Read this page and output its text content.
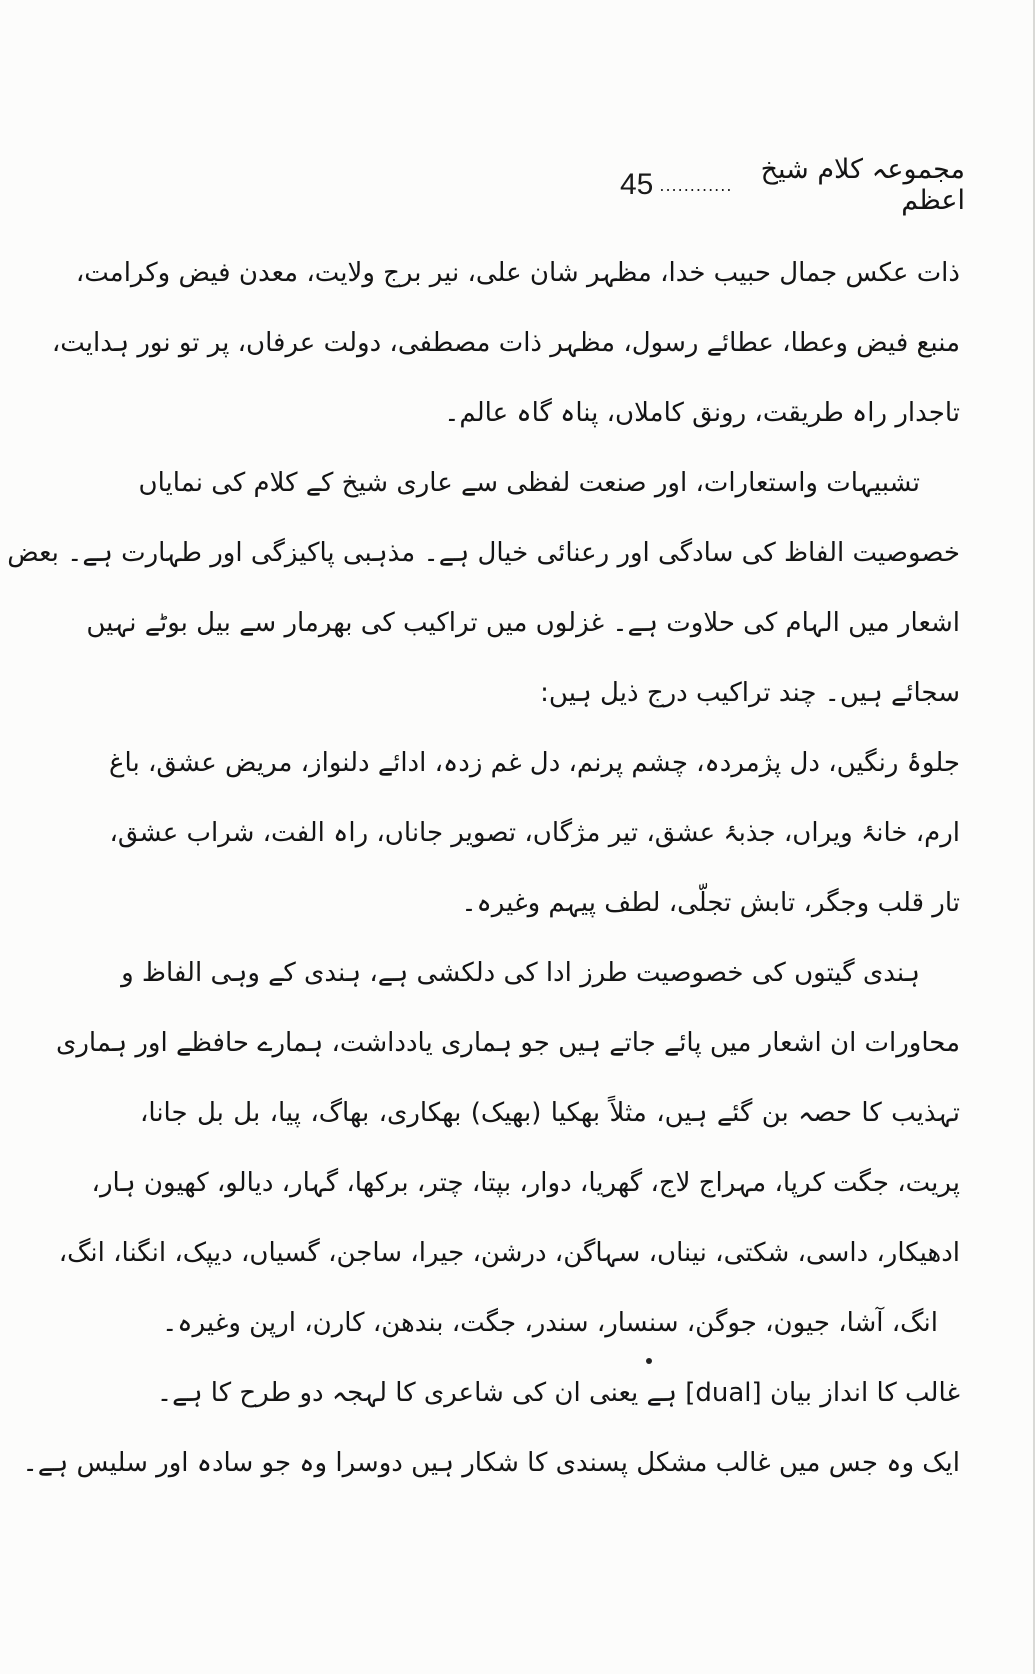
45 ............	مجموعہ کلام شیخ اعظم
ذات عکس جمال حبیب خدا، مظہر شان علی، نیر برج ولایت، معدن فیض وکرامت،
منبع فیض وعطا، عطائے رسول، مظہر ذات مصطفی، دولت عرفاں، پر تو نور ہدایت،
تاجدار راہ طریقت، رونق کاملاں، پناہ گاہ عالم۔
تشبیہات واستعارات، اور صنعت لفظی سے عاری شیخ کے کلام کی نمایاں
خصوصیت الفاظ کی سادگی اور رعنائی خیال ہے۔ مذہبی پاکیزگی اور طہارت ہے۔ بعض
اشعار میں الہام کی حلاوت ہے۔ غزلوں میں تراکیب کی بھرمار سے بیل بوٹے نہیں
سجائے ہیں۔ چند تراکیب درج ذیل ہیں:
جلوۂ رنگیں، دل پژمردہ، چشم پرنم، دل غم زدہ، ادائے دلنواز، مریض عشق، باغ
ارم، خانۂ ویراں، جذبۂ عشق، تیر مژگاں، تصویر جاناں، راہ الفت، شراب عشق،
تار قلب وجگر، تابش تجلّی، لطف پیہم وغیرہ۔
ہندی گیتوں کی خصوصیت طرز ادا کی دلکشی ہے، ہندی کے وہی الفاظ و
محاورات ان اشعار میں پائے جاتے ہیں جو ہماری یادداشت، ہمارے حافظے اور ہماری
تہذیب کا حصہ بن گئے ہیں، مثلاً بھکیا (بھیک) بھکاری، بھاگ، پیا، بل بل جانا،
پریت، جگت کرپا، مہراج لاج، گھریا، دوار، بپتا، چتر، برکھا، گہار، دیالو، کھیون ہار،
ادھیکار، داسی، شکتی، نیناں، سہاگن، درشن، جیرا، ساجن، گسیاں، دیپک، انگنا، انگ،
انگ، آشا، جیون، جوگن، سنسار، سندر، جگت، بندھن، کارن، ارپن وغیرہ۔
غالب کا انداز بیان [dual] ہے یعنی ان کی شاعری کا لہجہ دو طرح کا ہے۔
ایک وہ جس میں غالب مشکل پسندی کا شکار ہیں دوسرا وہ جو سادہ اور سلیس ہے۔
